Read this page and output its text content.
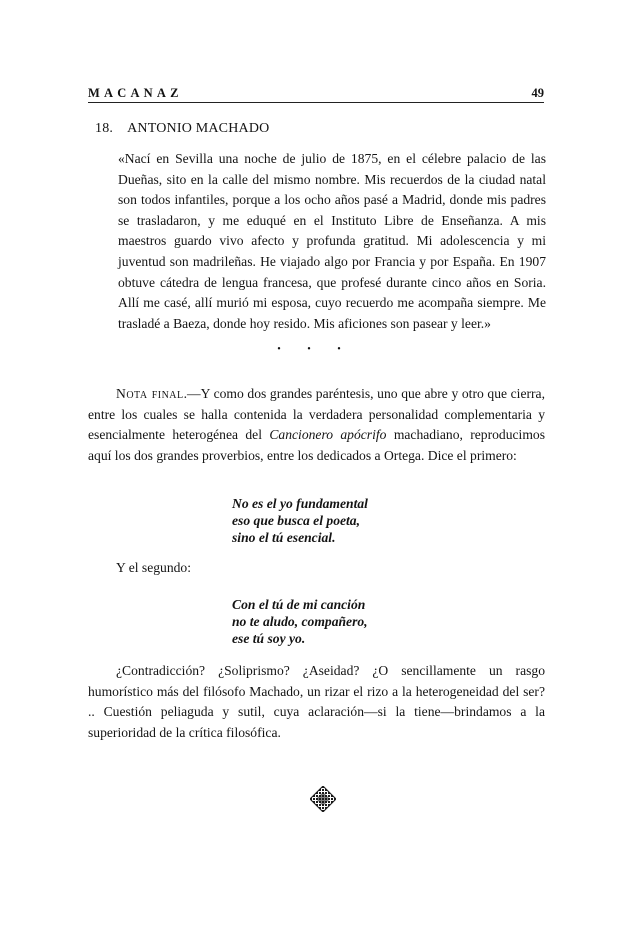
MACANAZ	49
18. ANTONIO MACHADO

«Nací en Sevilla una noche de julio de 1875, en el célebre palacio de las Dueñas, sito en la calle del mismo nombre. Mis recuerdos de la ciudad natal son todos infantiles, porque a los ocho años pasé a Madrid, donde mis padres se trasladaron, y me eduqué en el Instituto Libre de Enseñanza. A mis maestros guardo vivo afecto y profunda gratitud. Mi adolescencia y mi juventud son madrileñas. He viajado algo por Francia y por España. En 1907 obtuve cátedra de lengua francesa, que profesé durante cinco años en Soria. Allí me casé, allí murió mi esposa, cuyo recuerdo me acompaña siempre. Me trasladé a Baeza, donde hoy resido. Mis aficiones son pasear y leer.»

• • •

Nota final.—Y como dos grandes paréntesis, uno que abre y otro que cierra, entre los cuales se halla contenida la verdadera personalidad complementaria y esencialmente heterogénea del Cancionero apócrifo machadiano, reproducimos aquí los dos grandes proverbios, entre los dedicados a Ortega. Dice el primero:

No es el yo fundamental
eso que busca el poeta,
sino el tú esencial.
Y el segundo:
Con el tú de mi canción
no te aludo, compañero,
ese tú soy yo.

¿Contradicción? ¿Soliprismo? ¿Aseidad? ¿O sencillamente un rasgo humorístico más del filósofo Machado, un rizar el rizo a la heterogeneidad del ser? .. Cuestión peliaguda y sutil, cuya aclaración—si la tiene—brindamos a la superioridad de la crítica filosófica.
